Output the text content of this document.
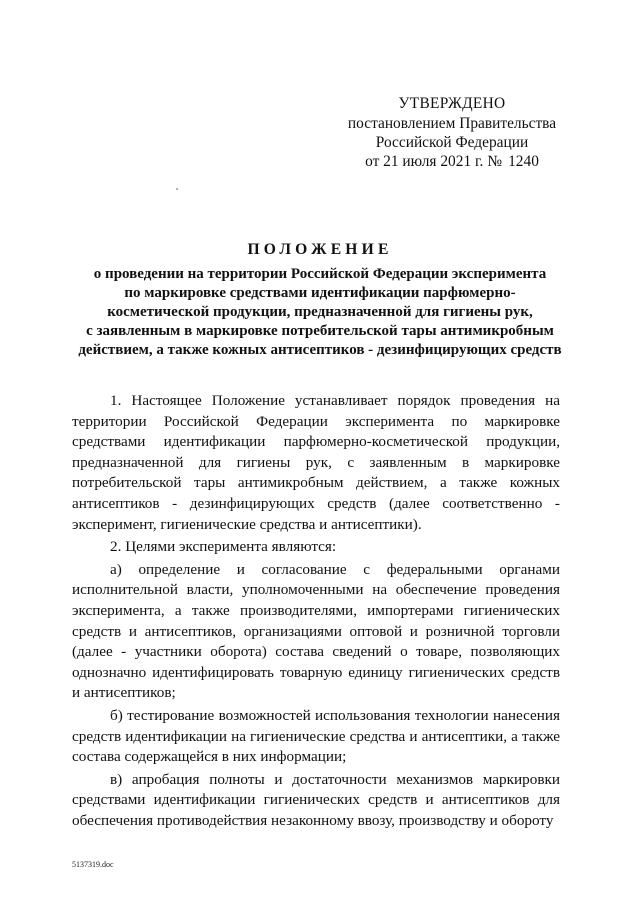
УТВЕРЖДЕНО
постановлением Правительства
Российской Федерации
от 21 июля 2021 г. № 1240
ПОЛОЖЕНИЕ
о проведении на территории Российской Федерации эксперимента
по маркировке средствами идентификации парфюмерно-
косметической продукции, предназначенной для гигиены рук,
с заявленным в маркировке потребительской тары антимикробным
действием, а также кожных антисептиков - дезинфицирующих средств

1. Настоящее Положение устанавливает порядок проведения на территории Российской Федерации эксперимента по маркировке средствами идентификации парфюмерно-косметической продукции, предназначенной для гигиены рук, с заявленным в маркировке потребительской тары антимикробным действием, а также кожных антисептиков - дезинфицирующих средств (далее соответственно - эксперимент, гигиенические средства и антисептики).

2. Целями эксперимента являются:

а) определение и согласование с федеральными органами исполнительной власти, уполномоченными на обеспечение проведения эксперимента, а также производителями, импортерами гигиенических средств и антисептиков, организациями оптовой и розничной торговли (далее - участники оборота) состава сведений о товаре, позволяющих однозначно идентифицировать товарную единицу гигиенических средств и антисептиков;

б) тестирование возможностей использования технологии нанесения средств идентификации на гигиенические средства и антисептики, а также состава содержащейся в них информации;

в) апробация полноты и достаточности механизмов маркировки средствами идентификации гигиенических средств и антисептиков для обеспечения противодействия незаконному ввозу, производству и обороту

5137319.doc
